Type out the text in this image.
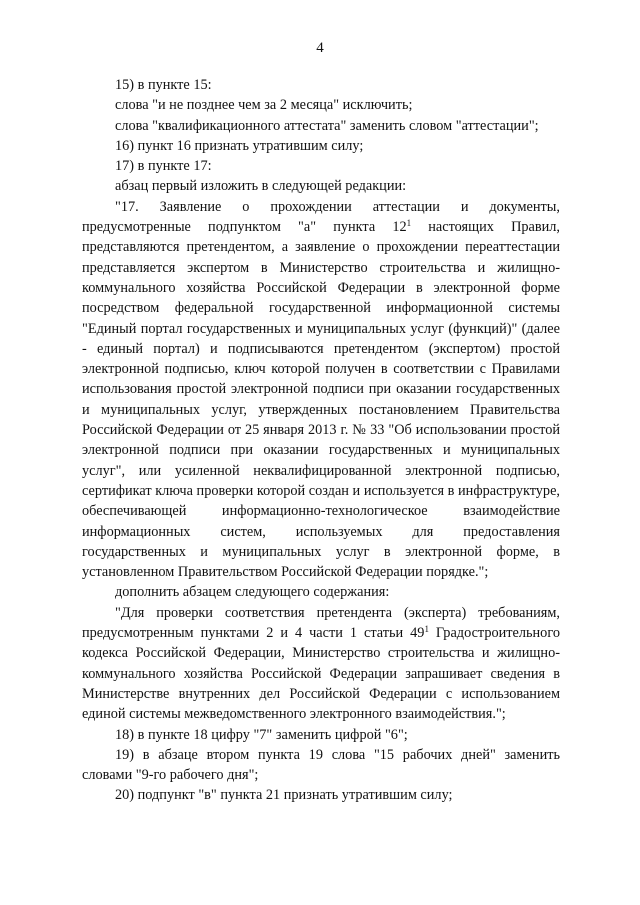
4

15) в пункте 15:

слова "и не позднее чем за 2 месяца" исключить;

слова "квалификационного аттестата" заменить словом "аттестации";

16) пункт 16 признать утратившим силу;

17) в пункте 17:

абзац первый изложить в следующей редакции:

"17. Заявление о прохождении аттестации и документы, предусмотренные подпунктом "а" пункта $12^1$ настоящих Правил, представляются претендентом, а заявление о прохождении переаттестации представляется экспертом в Министерство строительства и жилищно-коммунального хозяйства Российской Федерации в электронной форме посредством федеральной государственной информационной системы "Единый портал государственных и муниципальных услуг (функций)" (далее - единый портал) и подписываются претендентом (экспертом) простой электронной подписью, ключ которой получен в соответствии с Правилами использования простой электронной подписи при оказании государственных и муниципальных услуг, утвержденных постановлением Правительства Российской Федерации от 25 января 2013 г. № 33 "Об использовании простой электронной подписи при оказании государственных и муниципальных услуг", или усиленной неквалифицированной электронной подписью, сертификат ключа проверки которой создан и используется в инфраструктуре, обеспечивающей информационно-технологическое взаимодействие информационных систем, используемых для предоставления государственных и муниципальных услуг в электронной форме, в установленном Правительством Российской Федерации порядке.";

дополнить абзацем следующего содержания:

"Для проверки соответствия претендента (эксперта) требованиям, предусмотренным пунктами 2 и 4 части 1 статьи $49^1$ Градостроительного кодекса Российской Федерации, Министерство строительства и жилищно-коммунального хозяйства Российской Федерации запрашивает сведения в Министерстве внутренних дел Российской Федерации с использованием единой системы межведомственного электронного взаимодействия.";

18) в пункте 18 цифру "7" заменить цифрой "6";

19) в абзаце втором пункта 19 слова "15 рабочих дней" заменить словами "9-го рабочего дня";

20) подпункт "в" пункта 21 признать утратившим силу;
